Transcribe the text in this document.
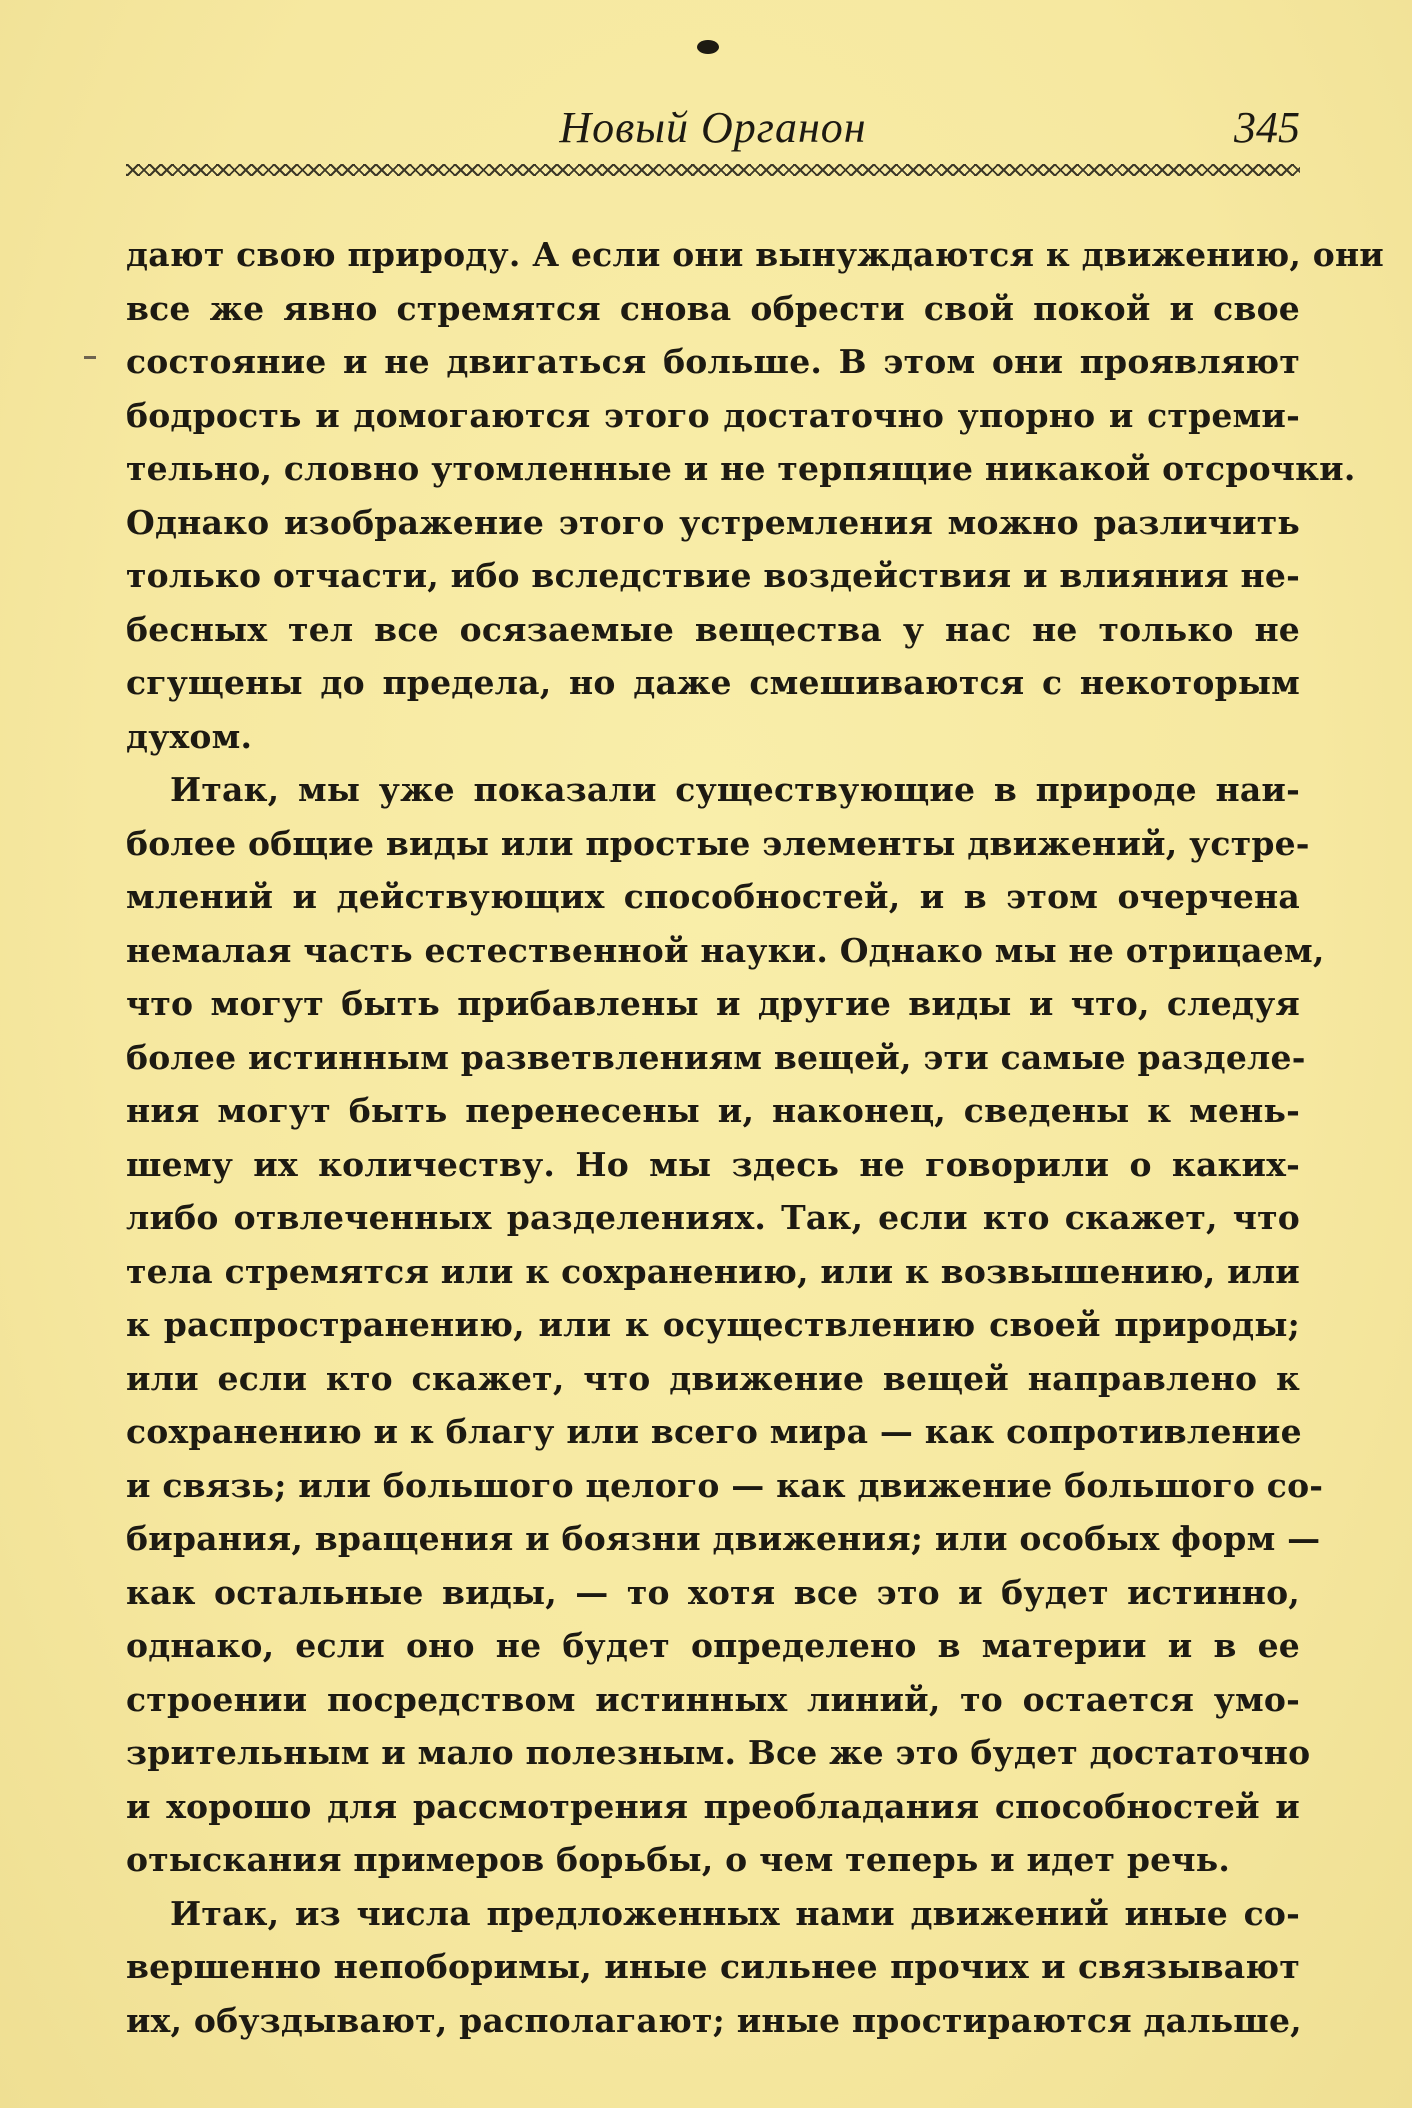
Новый Органон	345
дают свою природу. А если они вынуждаются к движению, они
все же явно стремятся снова обрести свой покой и свое
состояние и не двигаться больше. В этом они проявляют
бодрость и домогаются этого достаточно упорно и стреми-
тельно, словно утомленные и не терпящие никакой отсрочки.
Однако изображение этого устремления можно различить
только отчасти, ибо вследствие воздействия и влияния не-
бесных тел все осязаемые вещества у нас не только не
сгущены до предела, но даже смешиваются с некоторым
духом.
Итак, мы уже показали существующие в природе наи-
более общие виды или простые элементы движений, устре-
млений и действующих способностей, и в этом очерчена
немалая часть естественной науки. Однако мы не отрицаем,
что могут быть прибавлены и другие виды и что, следуя
более истинным разветвлениям вещей, эти самые разделе-
ния могут быть перенесены и, наконец, сведены к мень-
шему их количеству. Но мы здесь не говорили о каких-
либо отвлеченных разделениях. Так, если кто скажет, что
тела стремятся или к сохранению, или к возвышению, или
к распространению, или к осуществлению своей природы;
или если кто скажет, что движение вещей направлено к
сохранению и к благу или всего мира — как сопротивление
и связь; или большого целого — как движение большого со-
бирания, вращения и боязни движения; или особых форм —
как остальные виды, — то хотя все это и будет истинно,
однако, если оно не будет определено в материи и в ее
строении посредством истинных линий, то остается умо-
зрительным и мало полезным. Все же это будет достаточно
и хорошо для рассмотрения преобладания способностей и
отыскания примеров борьбы, о чем теперь и идет речь.
Итак, из числа предложенных нами движений иные со-
вершенно непоборимы, иные сильнее прочих и связывают
их, обуздывают, располагают; иные простираются дальше,
